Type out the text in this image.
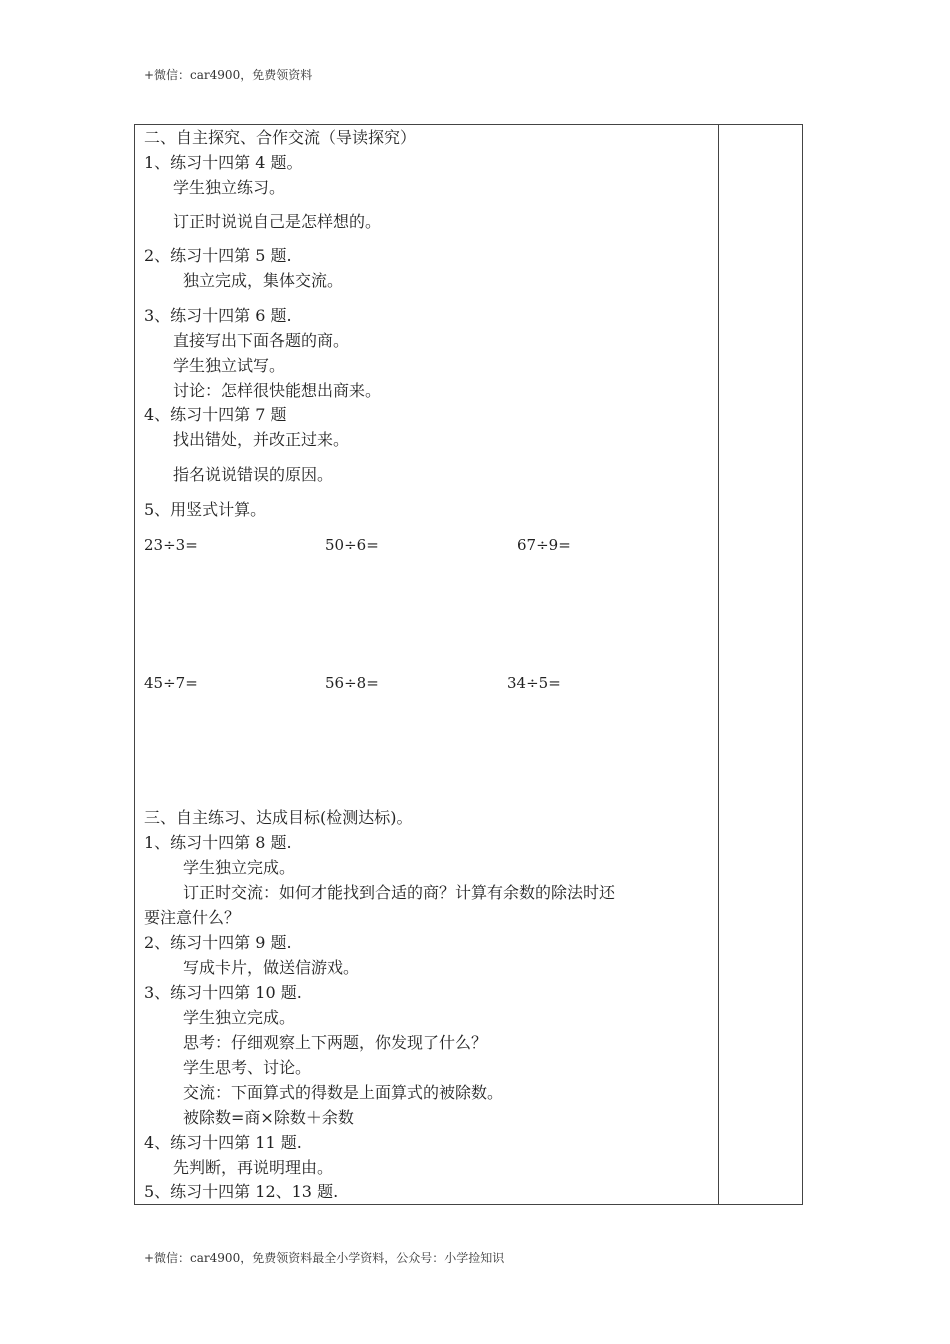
+微信：car4900，免费领资料
二、自主探究、合作交流（导读探究）
1、练习十四第 4 题。
学生独立练习。
订正时说说自己是怎样想的。
2、练习十四第 5 题.
独立完成，集体交流。
3、练习十四第 6 题.
直接写出下面各题的商。
学生独立试写。
讨论：怎样很快能想出商来。
4、练习十四第 7 题
找出错处，并改正过来。
指名说说错误的原因。
5、用竖式计算。
23÷3=	50÷6=	67÷9=
45÷7=	56÷8=	34÷5=
三、自主练习、达成目标(检测达标)。
1、练习十四第 8 题.
学生独立完成。
订正时交流：如何才能找到合适的商？计算有余数的除法时还
要注意什么？
2、练习十四第 9 题.
写成卡片，做送信游戏。
3、练习十四第 10 题.
学生独立完成。
思考：仔细观察上下两题，你发现了什么？
学生思考、讨论。
交流：下面算式的得数是上面算式的被除数。
被除数=商×除数＋余数
4、练习十四第 11 题.
先判断，再说明理由。
5、练习十四第 12、13 题.
+微信：car4900，免费领资料最全小学资料，公众号：小学捡知识
